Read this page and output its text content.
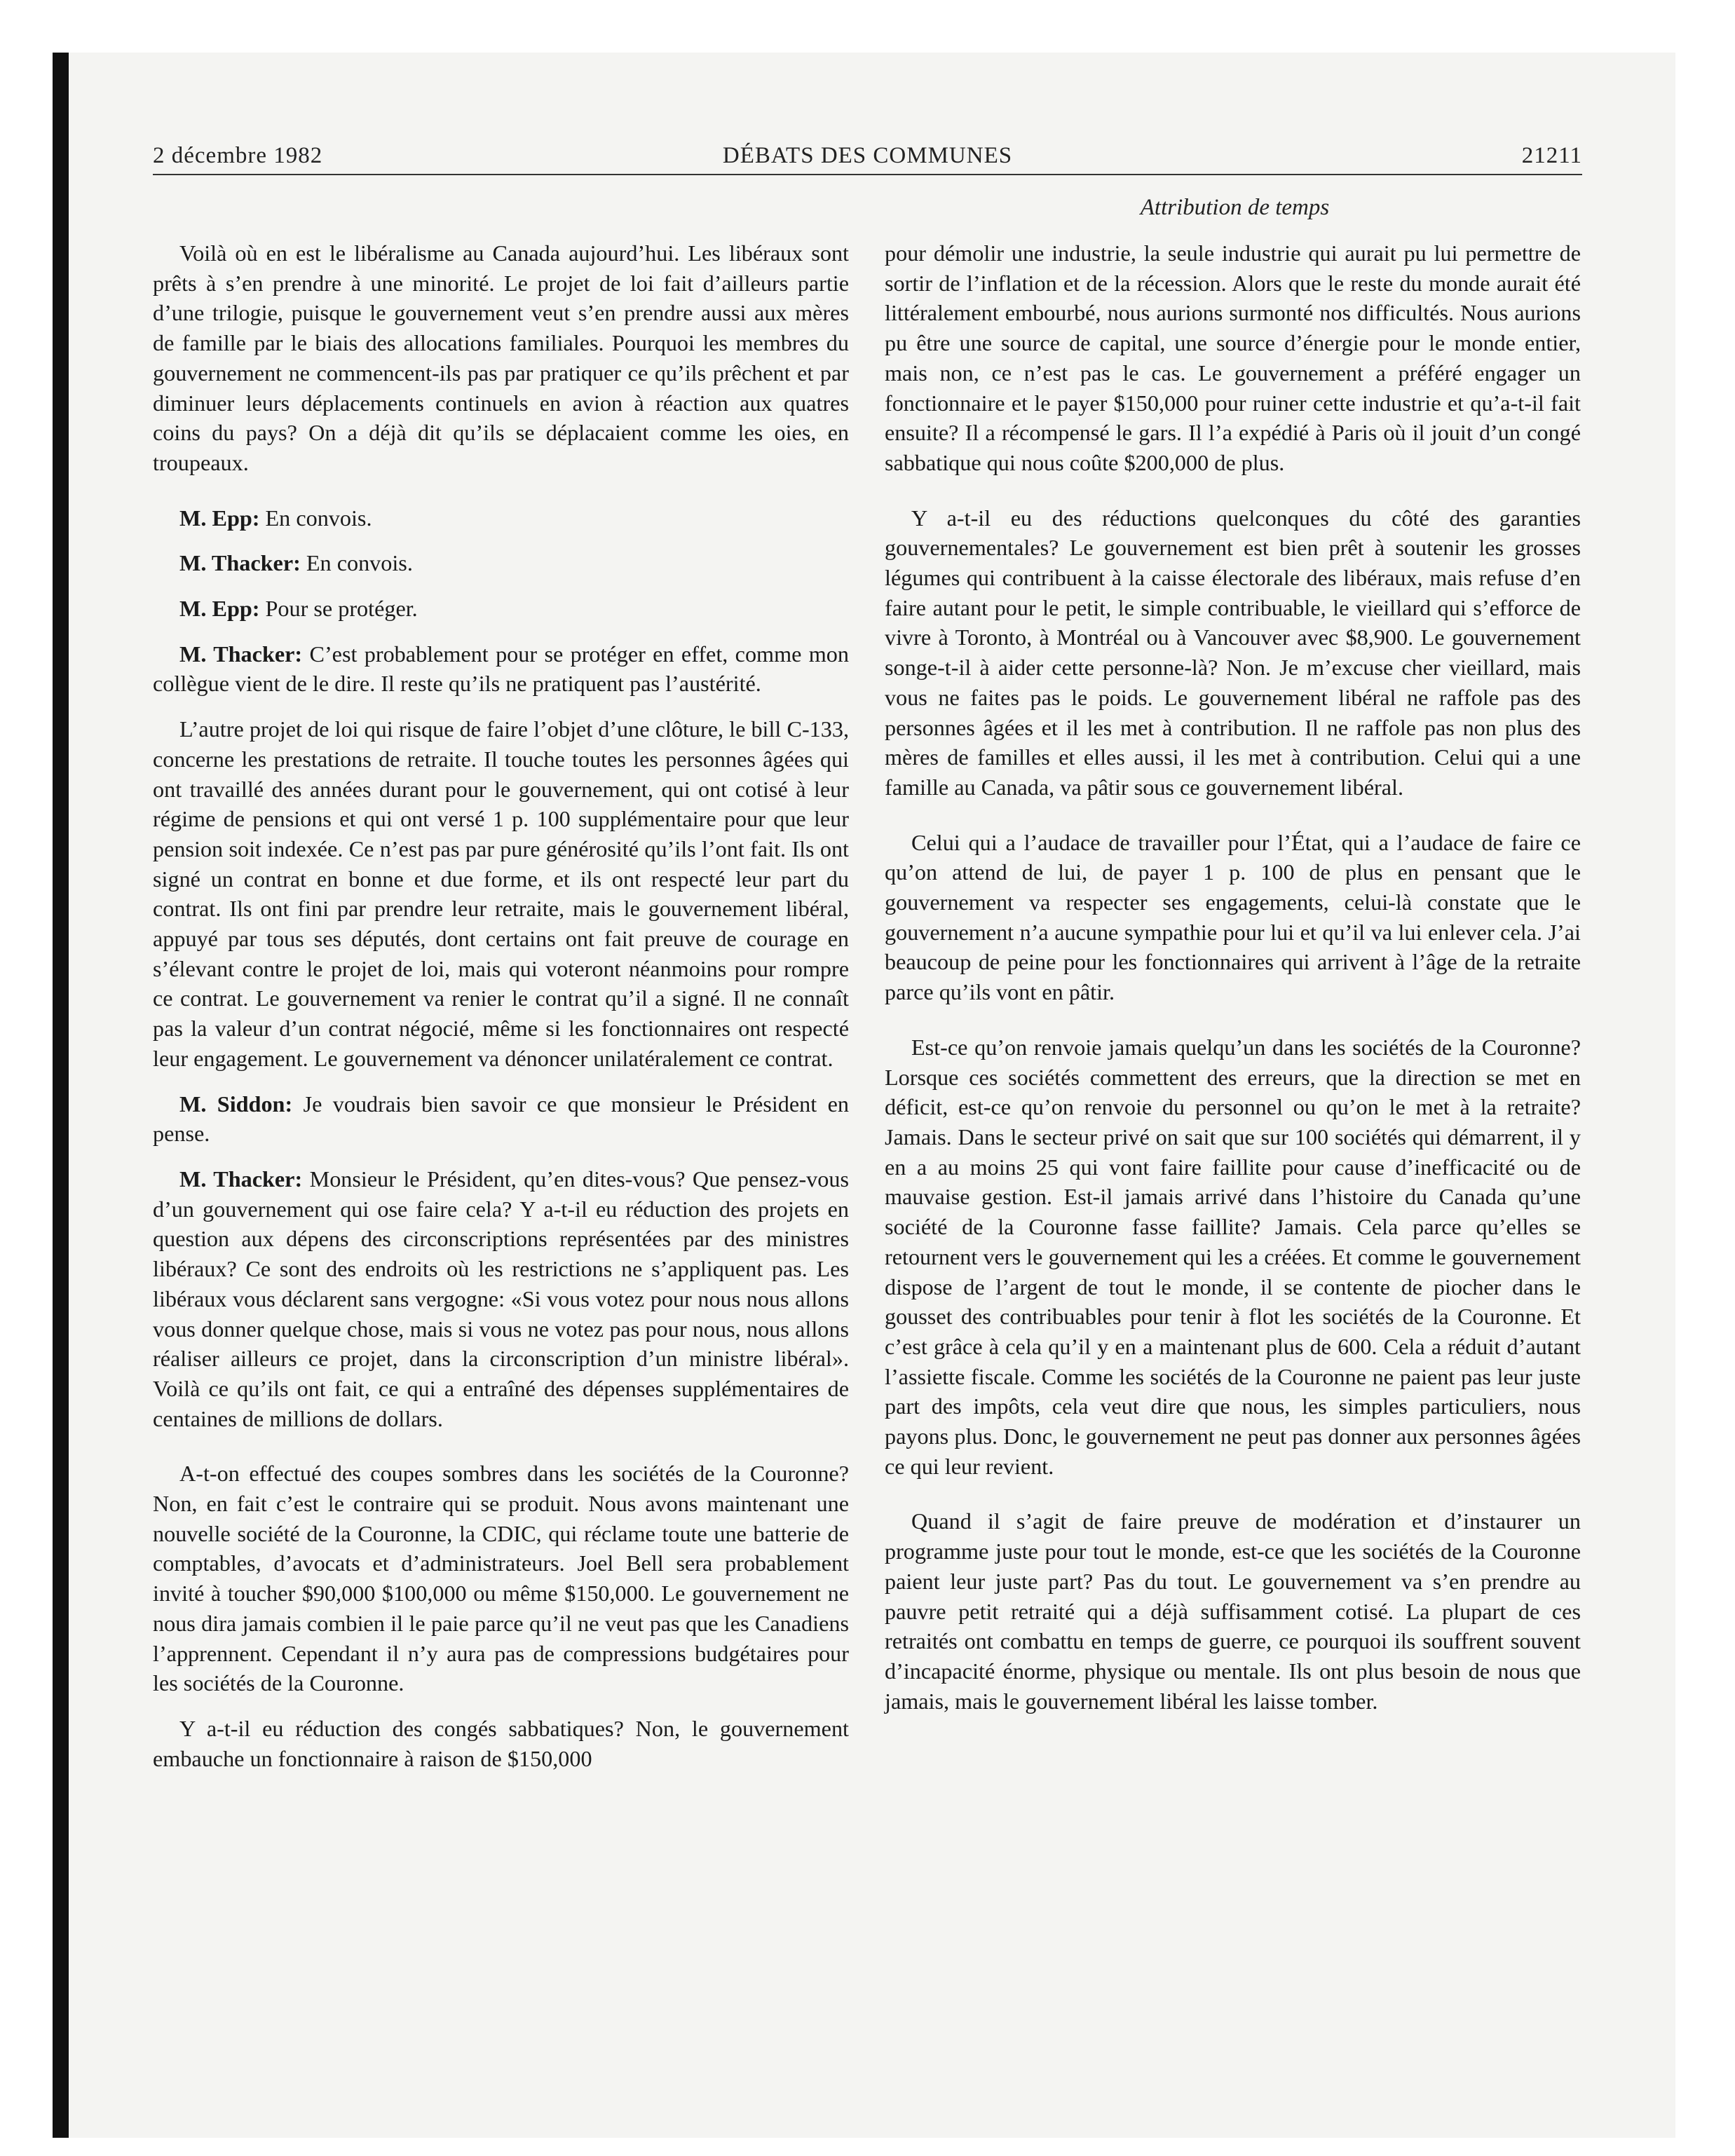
2 décembre 1982	DÉBATS DES COMMUNES	21211
Attribution de temps

Voilà où en est le libéralisme au Canada aujourd’hui. Les libéraux sont prêts à s’en prendre à une minorité. Le projet de loi fait d’ailleurs partie d’une trilogie, puisque le gouvernement veut s’en prendre aussi aux mères de famille par le biais des allocations familiales. Pourquoi les membres du gouvernement ne commencent-ils pas par pratiquer ce qu’ils prêchent et par diminuer leurs déplacements continuels en avion à réaction aux quatres coins du pays? On a déjà dit qu’ils se déplacaient comme les oies, en troupeaux.

M. Epp: En convois.

M. Thacker: En convois.

M. Epp: Pour se protéger.

M. Thacker: C’est probablement pour se protéger en effet, comme mon collègue vient de le dire. Il reste qu’ils ne pratiquent pas l’austérité.

L’autre projet de loi qui risque de faire l’objet d’une clôture, le bill C-133, concerne les prestations de retraite. Il touche toutes les personnes âgées qui ont travaillé des années durant pour le gouvernement, qui ont cotisé à leur régime de pensions et qui ont versé 1 p. 100 supplémentaire pour que leur pension soit indexée. Ce n’est pas par pure générosité qu’ils l’ont fait. Ils ont signé un contrat en bonne et due forme, et ils ont respecté leur part du contrat. Ils ont fini par prendre leur retraite, mais le gouvernement libéral, appuyé par tous ses députés, dont certains ont fait preuve de courage en s’élevant contre le projet de loi, mais qui voteront néanmoins pour rompre ce contrat. Le gouvernement va renier le contrat qu’il a signé. Il ne connaît pas la valeur d’un contrat négocié, même si les fonctionnaires ont respecté leur engagement. Le gouvernement va dénoncer unilatéralement ce contrat.

M. Siddon: Je voudrais bien savoir ce que monsieur le Président en pense.

M. Thacker: Monsieur le Président, qu’en dites-vous? Que pensez-vous d’un gouvernement qui ose faire cela? Y a-t-il eu réduction des projets en question aux dépens des circonscriptions représentées par des ministres libéraux? Ce sont des endroits où les restrictions ne s’appliquent pas. Les libéraux vous déclarent sans vergogne: «Si vous votez pour nous nous allons vous donner quelque chose, mais si vous ne votez pas pour nous, nous allons réaliser ailleurs ce projet, dans la circonscription d’un ministre libéral». Voilà ce qu’ils ont fait, ce qui a entraîné des dépenses supplémentaires de centaines de millions de dollars.

A-t-on effectué des coupes sombres dans les sociétés de la Couronne? Non, en fait c’est le contraire qui se produit. Nous avons maintenant une nouvelle société de la Couronne, la CDIC, qui réclame toute une batterie de comptables, d’avocats et d’administrateurs. Joel Bell sera probablement invité à toucher $90,000 $100,000 ou même $150,000. Le gouvernement ne nous dira jamais combien il le paie parce qu’il ne veut pas que les Canadiens l’apprennent. Cependant il n’y aura pas de compressions budgétaires pour les sociétés de la Couronne.

Y a-t-il eu réduction des congés sabbatiques? Non, le gouvernement embauche un fonctionnaire à raison de $150,000

pour démolir une industrie, la seule industrie qui aurait pu lui permettre de sortir de l’inflation et de la récession. Alors que le reste du monde aurait été littéralement embourbé, nous aurions surmonté nos difficultés. Nous aurions pu être une source de capital, une source d’énergie pour le monde entier, mais non, ce n’est pas le cas. Le gouvernement a préféré engager un fonctionnaire et le payer $150,000 pour ruiner cette industrie et qu’a-t-il fait ensuite? Il a récompensé le gars. Il l’a expédié à Paris où il jouit d’un congé sabbatique qui nous coûte $200,000 de plus.

Y a-t-il eu des réductions quelconques du côté des garanties gouvernementales? Le gouvernement est bien prêt à soutenir les grosses légumes qui contribuent à la caisse électorale des libéraux, mais refuse d’en faire autant pour le petit, le simple contribuable, le vieillard qui s’efforce de vivre à Toronto, à Montréal ou à Vancouver avec $8,900. Le gouvernement songe-t-il à aider cette personne-là? Non. Je m’excuse cher vieillard, mais vous ne faites pas le poids. Le gouvernement libéral ne raffole pas des personnes âgées et il les met à contribution. Il ne raffole pas non plus des mères de familles et elles aussi, il les met à contribution. Celui qui a une famille au Canada, va pâtir sous ce gouvernement libéral.

Celui qui a l’audace de travailler pour l’État, qui a l’audace de faire ce qu’on attend de lui, de payer 1 p. 100 de plus en pensant que le gouvernement va respecter ses engagements, celui-là constate que le gouvernement n’a aucune sympathie pour lui et qu’il va lui enlever cela. J’ai beaucoup de peine pour les fonctionnaires qui arrivent à l’âge de la retraite parce qu’ils vont en pâtir.

Est-ce qu’on renvoie jamais quelqu’un dans les sociétés de la Couronne? Lorsque ces sociétés commettent des erreurs, que la direction se met en déficit, est-ce qu’on renvoie du personnel ou qu’on le met à la retraite? Jamais. Dans le secteur privé on sait que sur 100 sociétés qui démarrent, il y en a au moins 25 qui vont faire faillite pour cause d’inefficacité ou de mauvaise gestion. Est-il jamais arrivé dans l’histoire du Canada qu’une société de la Couronne fasse faillite? Jamais. Cela parce qu’elles se retournent vers le gouvernement qui les a créées. Et comme le gouvernement dispose de l’argent de tout le monde, il se contente de piocher dans le gousset des contribuables pour tenir à flot les sociétés de la Couronne. Et c’est grâce à cela qu’il y en a maintenant plus de 600. Cela a réduit d’autant l’assiette fiscale. Comme les sociétés de la Couronne ne paient pas leur juste part des impôts, cela veut dire que nous, les simples particuliers, nous payons plus. Donc, le gouvernement ne peut pas donner aux personnes âgées ce qui leur revient.

Quand il s’agit de faire preuve de modération et d’instaurer un programme juste pour tout le monde, est-ce que les sociétés de la Couronne paient leur juste part? Pas du tout. Le gouvernement va s’en prendre au pauvre petit retraité qui a déjà suffisamment cotisé. La plupart de ces retraités ont combattu en temps de guerre, ce pourquoi ils souffrent souvent d’incapacité énorme, physique ou mentale. Ils ont plus besoin de nous que jamais, mais le gouvernement libéral les laisse tomber.
